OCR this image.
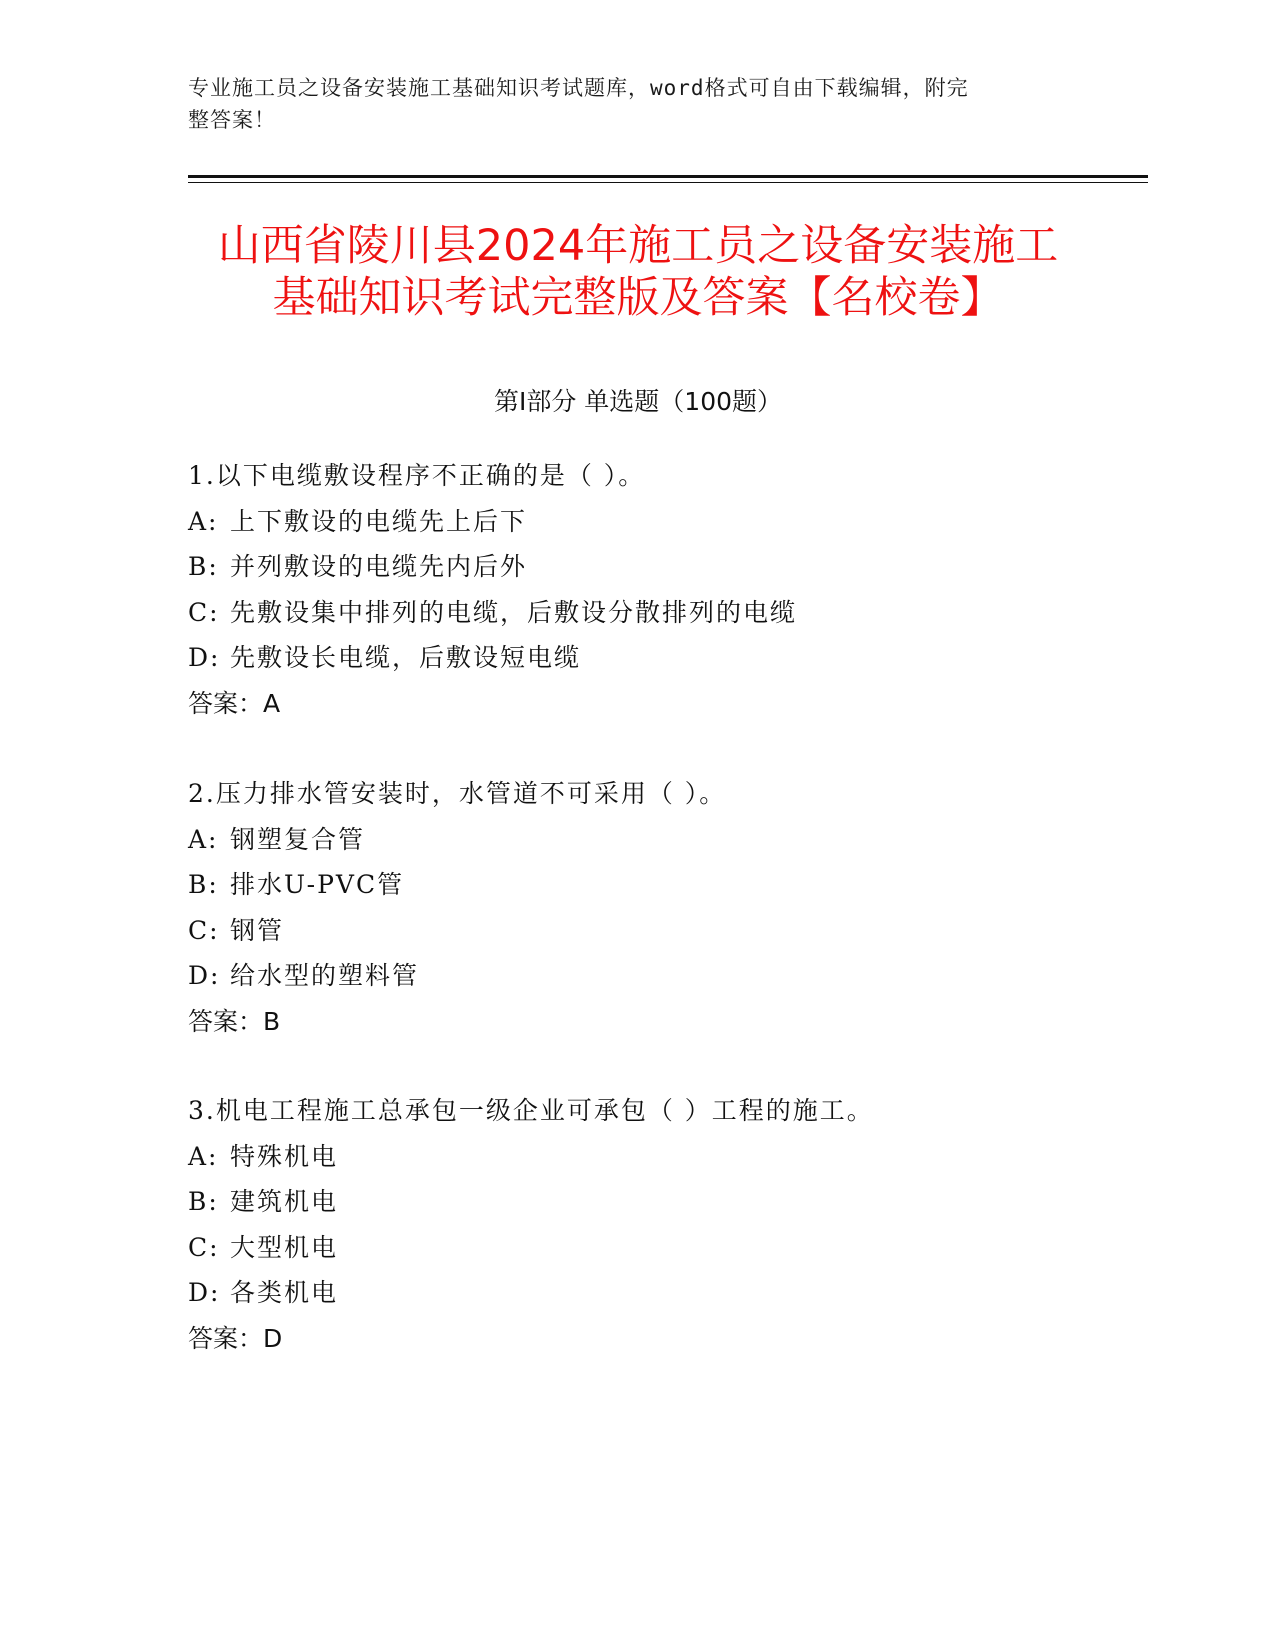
专业施工员之设备安装施工基础知识考试题库，word格式可自由下载编辑，附完
整答案！
山西省陵川县2024年施工员之设备安装施工
基础知识考试完整版及答案【名校卷】
第Ⅰ部分 单选题（100题）
1.以下电缆敷设程序不正确的是（ ）。
A: 上下敷设的电缆先上后下
B: 并列敷设的电缆先内后外
C: 先敷设集中排列的电缆，后敷设分散排列的电缆
D: 先敷设长电缆，后敷设短电缆
答案：A
2.压力排水管安装时，水管道不可采用（ ）。
A: 钢塑复合管
B: 排水U-PVC管
C: 钢管
D: 给水型的塑料管
答案：B
3.机电工程施工总承包一级企业可承包（ ）工程的施工。
A: 特殊机电
B: 建筑机电
C: 大型机电
D: 各类机电
答案：D
